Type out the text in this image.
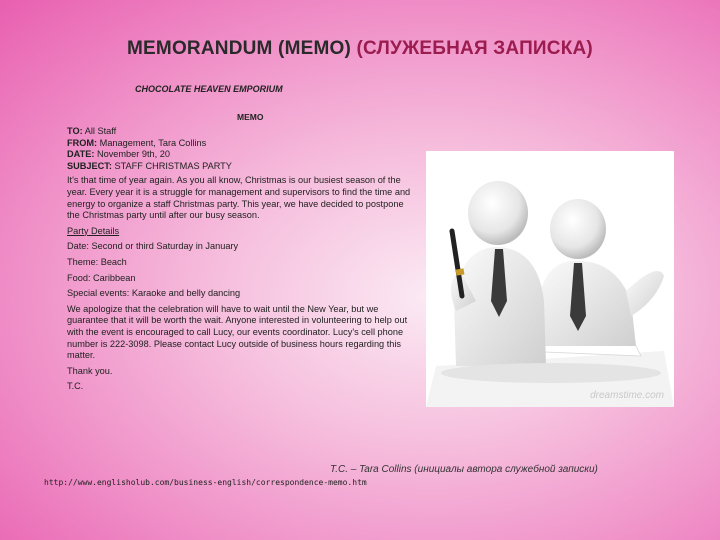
MEMORANDUM (MEMO) (СЛУЖЕБНАЯ ЗАПИСКА)
CHOCOLATE HEAVEN EMPORIUM
MEMO
TO: All Staff
FROM: Management, Tara Collins
DATE: November 9th, 20
SUBJECT: STAFF CHRISTMAS PARTY

It's that time of year again. As you all know, Christmas is our busiest season of the year. Every year it is a struggle for management and supervisors to find the time and energy to organize a staff Christmas party. This year, we have decided to postpone the Christmas party until after our busy season.

Party Details

Date: Second or third Saturday in January

Theme: Beach

Food: Caribbean

Special events: Karaoke and belly dancing

We apologize that the celebration will have to wait until the New Year, but we guarantee that it will be worth the wait. Anyone interested in volunteering to help out with the event is encouraged to call Lucy, our events coordinator. Lucy's cell phone number is 222-3098. Please contact Lucy outside of business hours regarding this matter.

Thank you.

T.C.

dreamstime.com
T.C. – Tara Collins (инициалы автора служебной записки)
http://www.englisholub.com/business-english/correspondence-memo.htm
